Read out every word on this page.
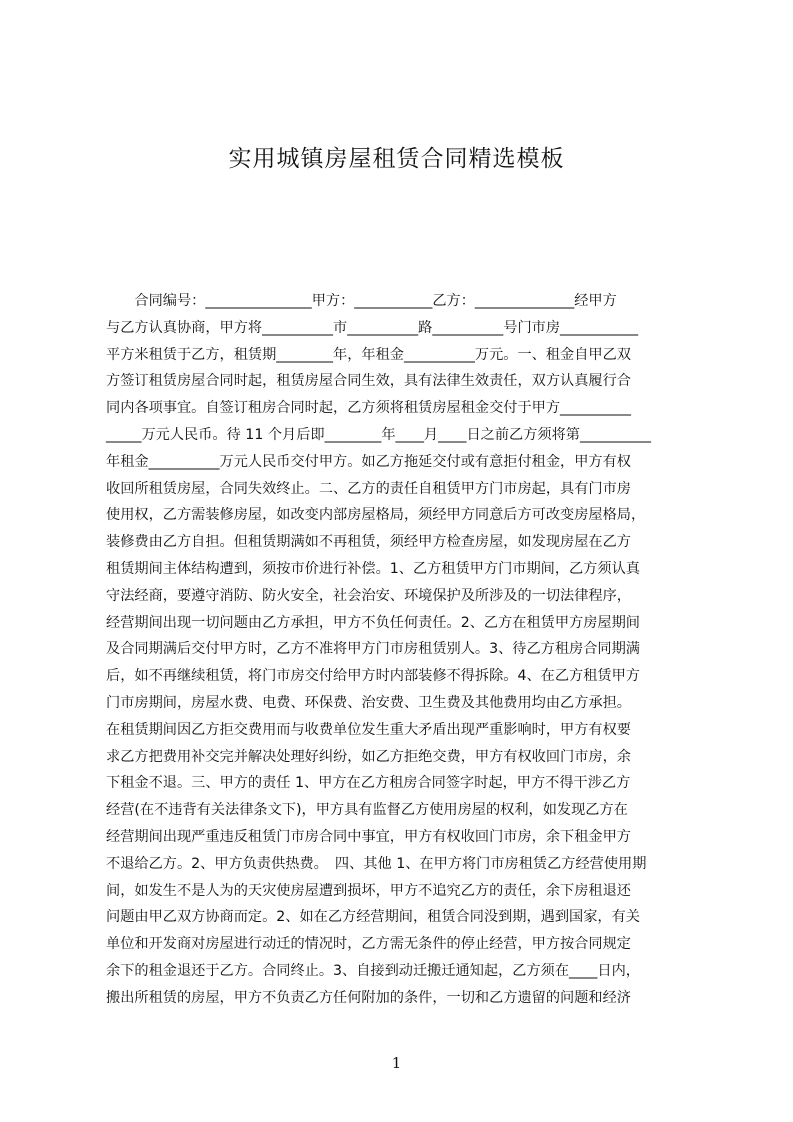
实用城镇房屋租赁合同精选模板
　　合同编号：_______________甲方：___________乙方：______________经甲方
与乙方认真协商，甲方将__________市__________路__________号门市房___________
平方米租赁于乙方，租赁期________年，年租金__________万元。一、租金自甲乙双
方签订租赁房屋合同时起，租赁房屋合同生效，具有法律生效责任，双方认真履行合
同内各项事宜。自签订租房合同时起，乙方须将租赁房屋租金交付于甲方__________
_____万元人民币。待 11 个月后即________年____月____日之前乙方须将第__________
年租金__________万元人民币交付甲方。如乙方拖延交付或有意拒付租金，甲方有权
收回所租赁房屋，合同失效终止。二、乙方的责任自租赁甲方门市房起，具有门市房
使用权，乙方需装修房屋，如改变内部房屋格局，须经甲方同意后方可改变房屋格局，
装修费由乙方自担。但租赁期满如不再租赁，须经甲方检查房屋，如发现房屋在乙方
租赁期间主体结构遭到，须按市价进行补偿。1、乙方租赁甲方门市期间，乙方须认真
守法经商，要遵守消防、防火安全，社会治安、环境保护及所涉及的一切法律程序，
经营期间出现一切问题由乙方承担，甲方不负任何责任。2、乙方在租赁甲方房屋期间
及合同期满后交付甲方时，乙方不准将甲方门市房租赁别人。3、待乙方租房合同期满
后，如不再继续租赁，将门市房交付给甲方时内部装修不得拆除。4、在乙方租赁甲方
门市房期间，房屋水费、电费、环保费、治安费、卫生费及其他费用均由乙方承担。
在租赁期间因乙方拒交费用而与收费单位发生重大矛盾出现严重影响时，甲方有权要
求乙方把费用补交完并解决处理好纠纷，如乙方拒绝交费，甲方有权收回门市房，余
下租金不退。三、甲方的责任 1、甲方在乙方租房合同签字时起，甲方不得干涉乙方
经营(在不违背有关法律条文下)，甲方具有监督乙方使用房屋的权利，如发现乙方在
经营期间出现严重违反租赁门市房合同中事宜，甲方有权收回门市房，余下租金甲方
不退给乙方。2、甲方负责供热费。　四、其他 1、在甲方将门市房租赁乙方经营使用期
间，如发生不是人为的天灾使房屋遭到损坏，甲方不追究乙方的责任，余下房租退还
问题由甲乙双方协商而定。2、如在乙方经营期间，租赁合同没到期，遇到国家，有关
单位和开发商对房屋进行动迁的情况时，乙方需无条件的停止经营，甲方按合同规定
余下的租金退还于乙方。合同终止。3、自接到动迁搬迁通知起，乙方须在____日内，
搬出所租赁的房屋，甲方不负责乙方任何附加的条件，一切和乙方遗留的问题和经济
1
